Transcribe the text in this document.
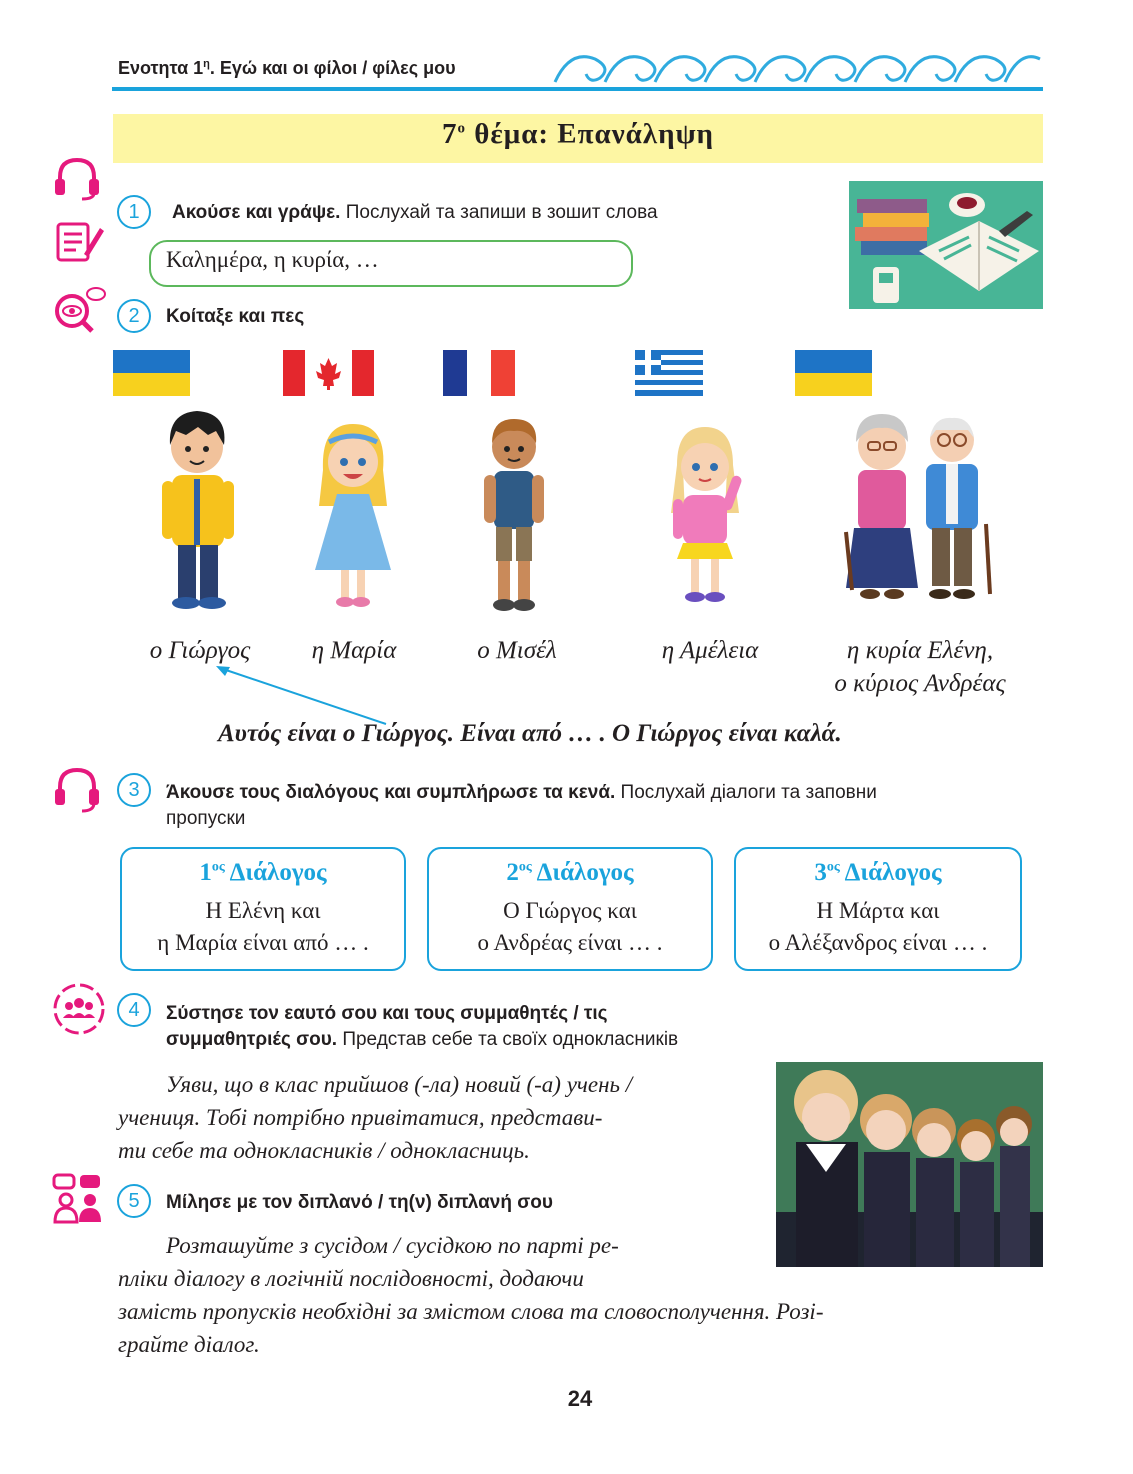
Ενοτητα $1^\eta$. Εγώ και οι φίλοι / φίλες μου
$7^o$ θέμα: Επανάληψη
1	Ακούσε και γράψε. Послухай та запиши в зошит слова
Καλημέρα, η κυρία, …
2	Κοίταξε και πες
ο Γιώργος	η Μαρία	ο Μισέλ	η Αμέλεια	η κυρία Ελένη,
ο κύριος Ανδρέας
Αυτός είναι ο Γιώργος. Είναι από … . Ο Γιώργος είναι καλά.
3	Άκουσε τους διαλόγους και συμπλήρωσε τα κενά. Послухай діалоги та заповни
пропуски
$1^{o\varsigma}$ Διάλογος
Η Ελένη και
η Μαρία είναι από … .
$2^{o\varsigma}$ Διάλογος
Ο Γιώργος και
ο Ανδρέας είναι … .
$3^{o\varsigma}$ Διάλογος
Η Μάρτα και
ο Αλέξανδρος είναι … .
4	Σύστησε τον εαυτό σου και τους συμμαθητές / τις
συμμαθητριές σου. Представ себе та своїх однокласників
Уяви, що в клас прийшов (-ла) новий (-а) учень /
учениця. Тобі потрібно привітатися, представи-
ти себе та однокласників / однокласниць.
5	Μίλησε με τον διπλανό / τη(ν) διπλανή σου
Розташуйте з сусідом / сусідкою по парті ре-
пліки діалогу в логічній послідовності, додаючи
замість пропусків необхідні за змістом слова та словосполучення. Розі-
грайте діалог.
24
